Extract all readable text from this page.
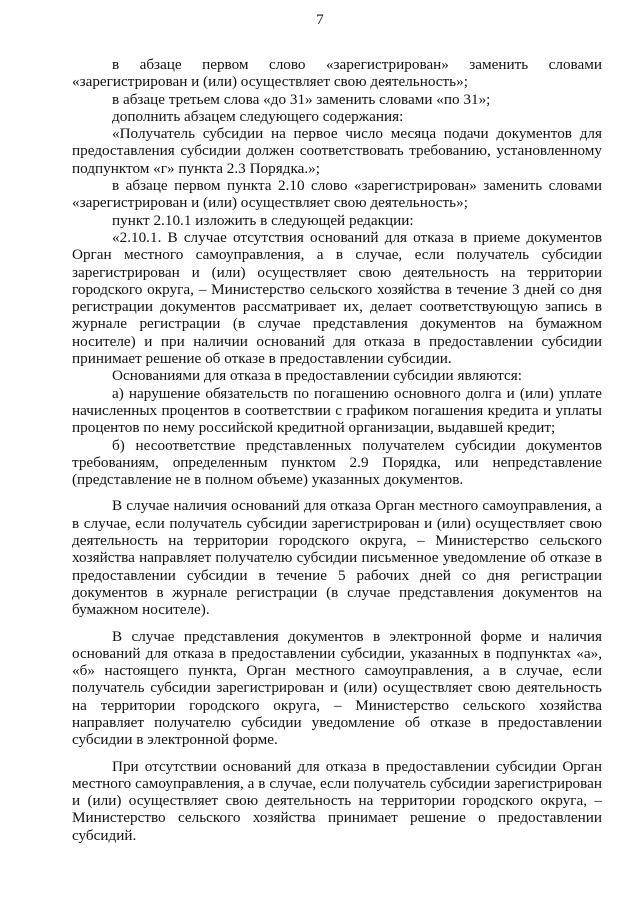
7

в абзаце первом слово «зарегистрирован» заменить словами «зарегистрирован и (или) осуществляет свою деятельность»;

в абзаце третьем слова «до 31» заменить словами «по 31»;

дополнить абзацем следующего содержания:

«Получатель субсидии на первое число месяца подачи документов для предоставления субсидии должен соответствовать требованию, установленному подпунктом «г» пункта 2.3 Порядка.»;

в абзаце первом пункта 2.10 слово «зарегистрирован» заменить словами «зарегистрирован и (или) осуществляет свою деятельность»;

пункт 2.10.1 изложить в следующей редакции:

«2.10.1. В случае отсутствия оснований для отказа в приеме документов Орган местного самоуправления, а в случае, если получатель субсидии зарегистрирован и (или) осуществляет свою деятельность на территории городского округа, – Министерство сельского хозяйства в течение 3 дней со дня регистрации документов рассматривает их, делает соответствующую запись в журнале регистрации (в случае представления документов на бумажном носителе) и при наличии оснований для отказа в предоставлении субсидии принимает решение об отказе в предоставлении субсидии.

Основаниями для отказа в предоставлении субсидии являются:

а) нарушение обязательств по погашению основного долга и (или) уплате начисленных процентов в соответствии с графиком погашения кредита и уплаты процентов по нему российской кредитной организации, выдавшей кредит;

б) несоответствие представленных получателем субсидии документов требованиям, определенным пунктом 2.9 Порядка, или непредставление (представление не в полном объеме) указанных документов.

В случае наличия оснований для отказа Орган местного самоуправления, а в случае, если получатель субсидии зарегистрирован и (или) осуществляет свою деятельность на территории городского округа, – Министерство сельского хозяйства направляет получателю субсидии письменное уведомление об отказе в предоставлении субсидии в течение 5 рабочих дней со дня регистрации документов в журнале регистрации (в случае представления документов на бумажном носителе).

В случае представления документов в электронной форме и наличия оснований для отказа в предоставлении субсидии, указанных в подпунктах «а», «б» настоящего пункта, Орган местного самоуправления, а в случае, если получатель субсидии зарегистрирован и (или) осуществляет свою деятельность на территории городского округа, – Министерство сельского хозяйства направляет получателю субсидии уведомление об отказе в предоставлении субсидии в электронной форме.

При отсутствии оснований для отказа в предоставлении субсидии Орган местного самоуправления, а в случае, если получатель субсидии зарегистрирован и (или) осуществляет свою деятельность на территории городского округа, – Министерство сельского хозяйства принимает решение о предоставлении субсидий.
